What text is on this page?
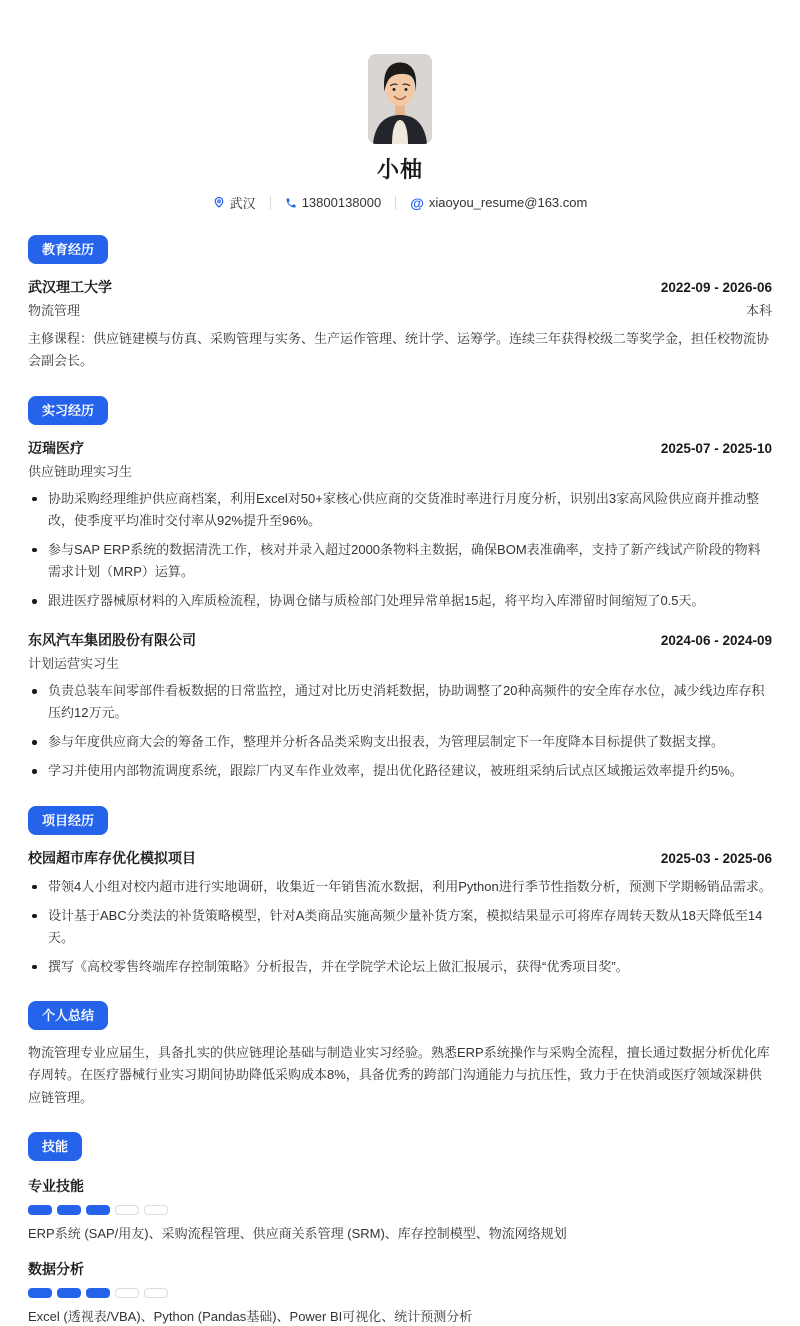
小柚
武汉	13800138000 @ xiaoyou_resume@163.com
教育经历
武汉理工大学	2022-09 - 2026-06
物流管理	本科
主修课程：供应链建模与仿真、采购管理与实务、生产运作管理、统计学、运筹学。连续三年获得校级二等奖学金，担任校物流协会副会长。
实习经历
迈瑞医疗	2025-07 - 2025-10
供应链助理实习生
协助采购经理维护供应商档案，利用Excel对50+家核心供应商的交货准时率进行月度分析，识别出3家高风险供应商并推动整改，使季度平均准时交付率从92%提升至96%。
参与SAP ERP系统的数据清洗工作，核对并录入超过2000条物料主数据，确保BOM表准确率，支持了新产线试产阶段的物料需求计划（MRP）运算。
跟进医疗器械原材料的入库质检流程，协调仓储与质检部门处理异常单据15起，将平均入库滞留时间缩短了0.5天。
东风汽车集团股份有限公司	2024-06 - 2024-09
计划运营实习生
负责总装车间零部件看板数据的日常监控，通过对比历史消耗数据，协助调整了20种高频件的安全库存水位，减少线边库存积压约12万元。
参与年度供应商大会的筹备工作，整理并分析各品类采购支出报表，为管理层制定下一年度降本目标提供了数据支撑。
学习并使用内部物流调度系统，跟踪厂内叉车作业效率，提出优化路径建议，被班组采纳后试点区域搬运效率提升约5%。
项目经历
校园超市库存优化模拟项目	2025-03 - 2025-06
带领4人小组对校内超市进行实地调研，收集近一年销售流水数据，利用Python进行季节性指数分析，预测下学期畅销品需求。
设计基于ABC分类法的补货策略模型，针对A类商品实施高频少量补货方案，模拟结果显示可将库存周转天数从18天降低至14天。
撰写《高校零售终端库存控制策略》分析报告，并在学院学术论坛上做汇报展示，获得“优秀项目奖”。
个人总结
物流管理专业应届生，具备扎实的供应链理论基础与制造业实习经验。熟悉ERP系统操作与采购全流程，擅长通过数据分析优化库存周转。在医疗器械行业实习期间协助降低采购成本8%，具备优秀的跨部门沟通能力与抗压性，致力于在快消或医疗领域深耕供应链管理。
技能
专业技能
ERP系统 (SAP/用友)、采购流程管理、供应商关系管理 (SRM)、库存控制模型、物流网络规划
数据分析
Excel (透视表/VBA)、Python (Pandas基础)、Power BI可视化、统计预测分析
